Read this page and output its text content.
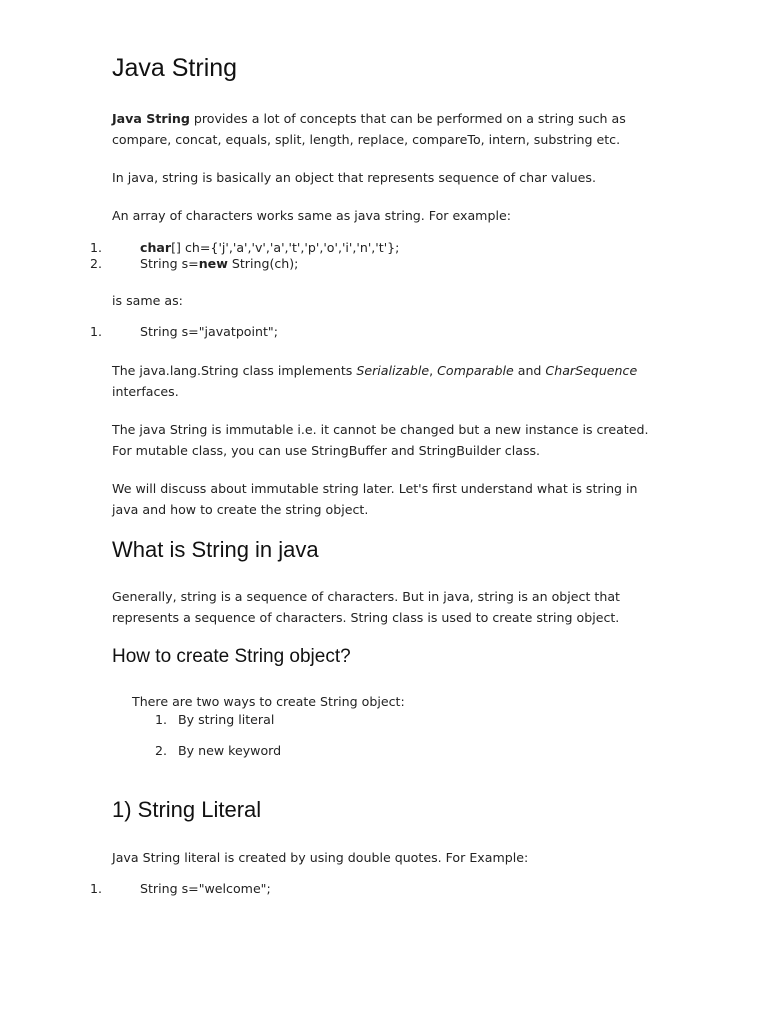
Java String
Java String provides a lot of concepts that can be performed on a string such as
compare, concat, equals, split, length, replace, compareTo, intern, substring etc.
In java, string is basically an object that represents sequence of char values.
An array of characters works same as java string. For example:
1.	char[] ch={'j','a','v','a','t','p','o','i','n','t'};
2.	String s=new String(ch);
is same as:
1.	String s="javatpoint";
The java.lang.String class implements Serializable, Comparable and CharSequence
interfaces.
The java String is immutable i.e. it cannot be changed but a new instance is created.
For mutable class, you can use StringBuffer and StringBuilder class.
We will discuss about immutable string later. Let's first understand what is string in
java and how to create the string object.
What is String in java
Generally, string is a sequence of characters. But in java, string is an object that
represents a sequence of characters. String class is used to create string object.
How to create String object?
There are two ways to create String object:
1. By string literal
2. By new keyword
1) String Literal
Java String literal is created by using double quotes. For Example:
1.	String s="welcome";
